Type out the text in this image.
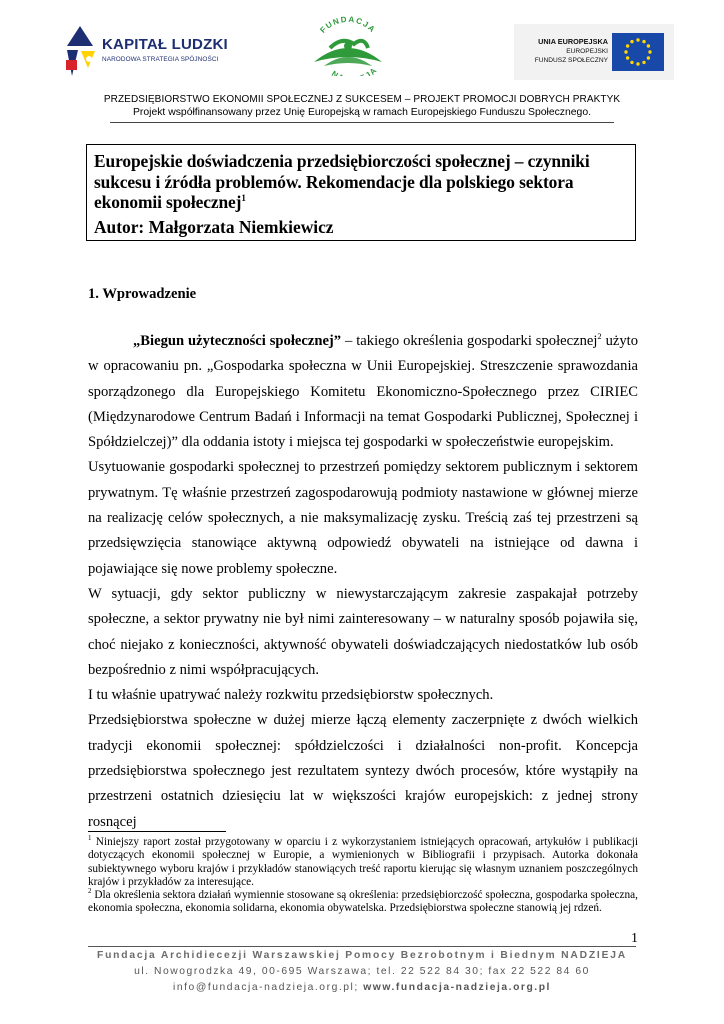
KAPITAŁ LUDZKI
NARODOWA STRATEGIA SPÓJNOŚCI
FUNDACJA
N JA
UNIA EUROPEJSKA
EUROPEJSKI
FUNDUSZ SPOŁECZNY
PRZEDSIĘBIORSTWO EKONOMII SPOŁECZNEJ Z SUKCESEM – PROJEKT PROMOCJI DOBRYCH PRAKTYK
Projekt współfinansowany przez Unię Europejską w ramach Europejskiego Funduszu Społecznego.
Europejskie doświadczenia przedsiębiorczości społecznej – czynniki sukcesu i źródła problemów. Rekomendacje dla polskiego sektora ekonomii społecznej$^1$
Autor: Małgorzata Niemkiewicz
1. Wprowadzenie

„Biegun użyteczności społecznej” – takiego określenia gospodarki społecznej$^2$ użyto w opracowaniu pn. „Gospodarka społeczna w Unii Europejskiej. Streszczenie sprawozdania sporządzonego dla Europejskiego Komitetu Ekonomiczno-Społecznego przez CIRIEC (Międzynarodowe Centrum Badań i Informacji na temat Gospodarki Publicznej, Społecznej i Spółdzielczej)” dla oddania istoty i miejsca tej gospodarki w społeczeństwie europejskim.

Usytuowanie gospodarki społecznej to przestrzeń pomiędzy sektorem publicznym i sektorem prywatnym. Tę właśnie przestrzeń zagospodarowują podmioty nastawione w głównej mierze na realizację celów społecznych, a nie maksymalizację zysku. Treścią zaś tej przestrzeni są przedsięwzięcia stanowiące aktywną odpowiedź obywateli na istniejące od dawna i pojawiające się nowe problemy społeczne.

W sytuacji, gdy sektor publiczny w niewystarczającym zakresie zaspakajał potrzeby społeczne, a sektor prywatny nie był nimi zainteresowany – w naturalny sposób pojawiła się, choć niejako z konieczności, aktywność obywateli doświadczających niedostatków lub osób bezpośrednio z nimi współpracujących.

I tu właśnie upatrywać należy rozkwitu przedsiębiorstw społecznych.

Przedsiębiorstwa społeczne w dużej mierze łączą elementy zaczerpnięte z dwóch wielkich tradycji ekonomii społecznej: spółdzielczości i działalności non-profit. Koncepcja przedsiębiorstwa społecznego jest rezultatem syntezy dwóch procesów, które wystąpiły na przestrzeni ostatnich dziesięciu lat w większości krajów europejskich: z jednej strony rosnącej

$^1$ Niniejszy raport został przygotowany w oparciu i z wykorzystaniem istniejących opracowań, artykułów i publikacji dotyczących ekonomii społecznej w Europie, a wymienionych w Bibliografii i przypisach. Autorka dokonała subiektywnego wyboru krajów i przykładów stanowiących treść raportu kierując się własnym uznaniem poszczególnych krajów i przykładów za interesujące.

$^2$ Dla określenia sektora działań wymiennie stosowane są określenia: przedsiębiorczość społeczna, gospodarka społeczna, ekonomia społeczna, ekonomia solidarna, ekonomia obywatelska. Przedsiębiorstwa społeczne stanowią jej rdzeń.

1
Fundacja Archidiecezji Warszawskiej Pomocy Bezrobotnym i Biednym NADZIEJA
ul. Nowogrodzka 49, 00-695 Warszawa; tel. 22 522 84 30; fax 22 522 84 60
info@fundacja-nadzieja.org.pl; www.fundacja-nadzieja.org.pl
